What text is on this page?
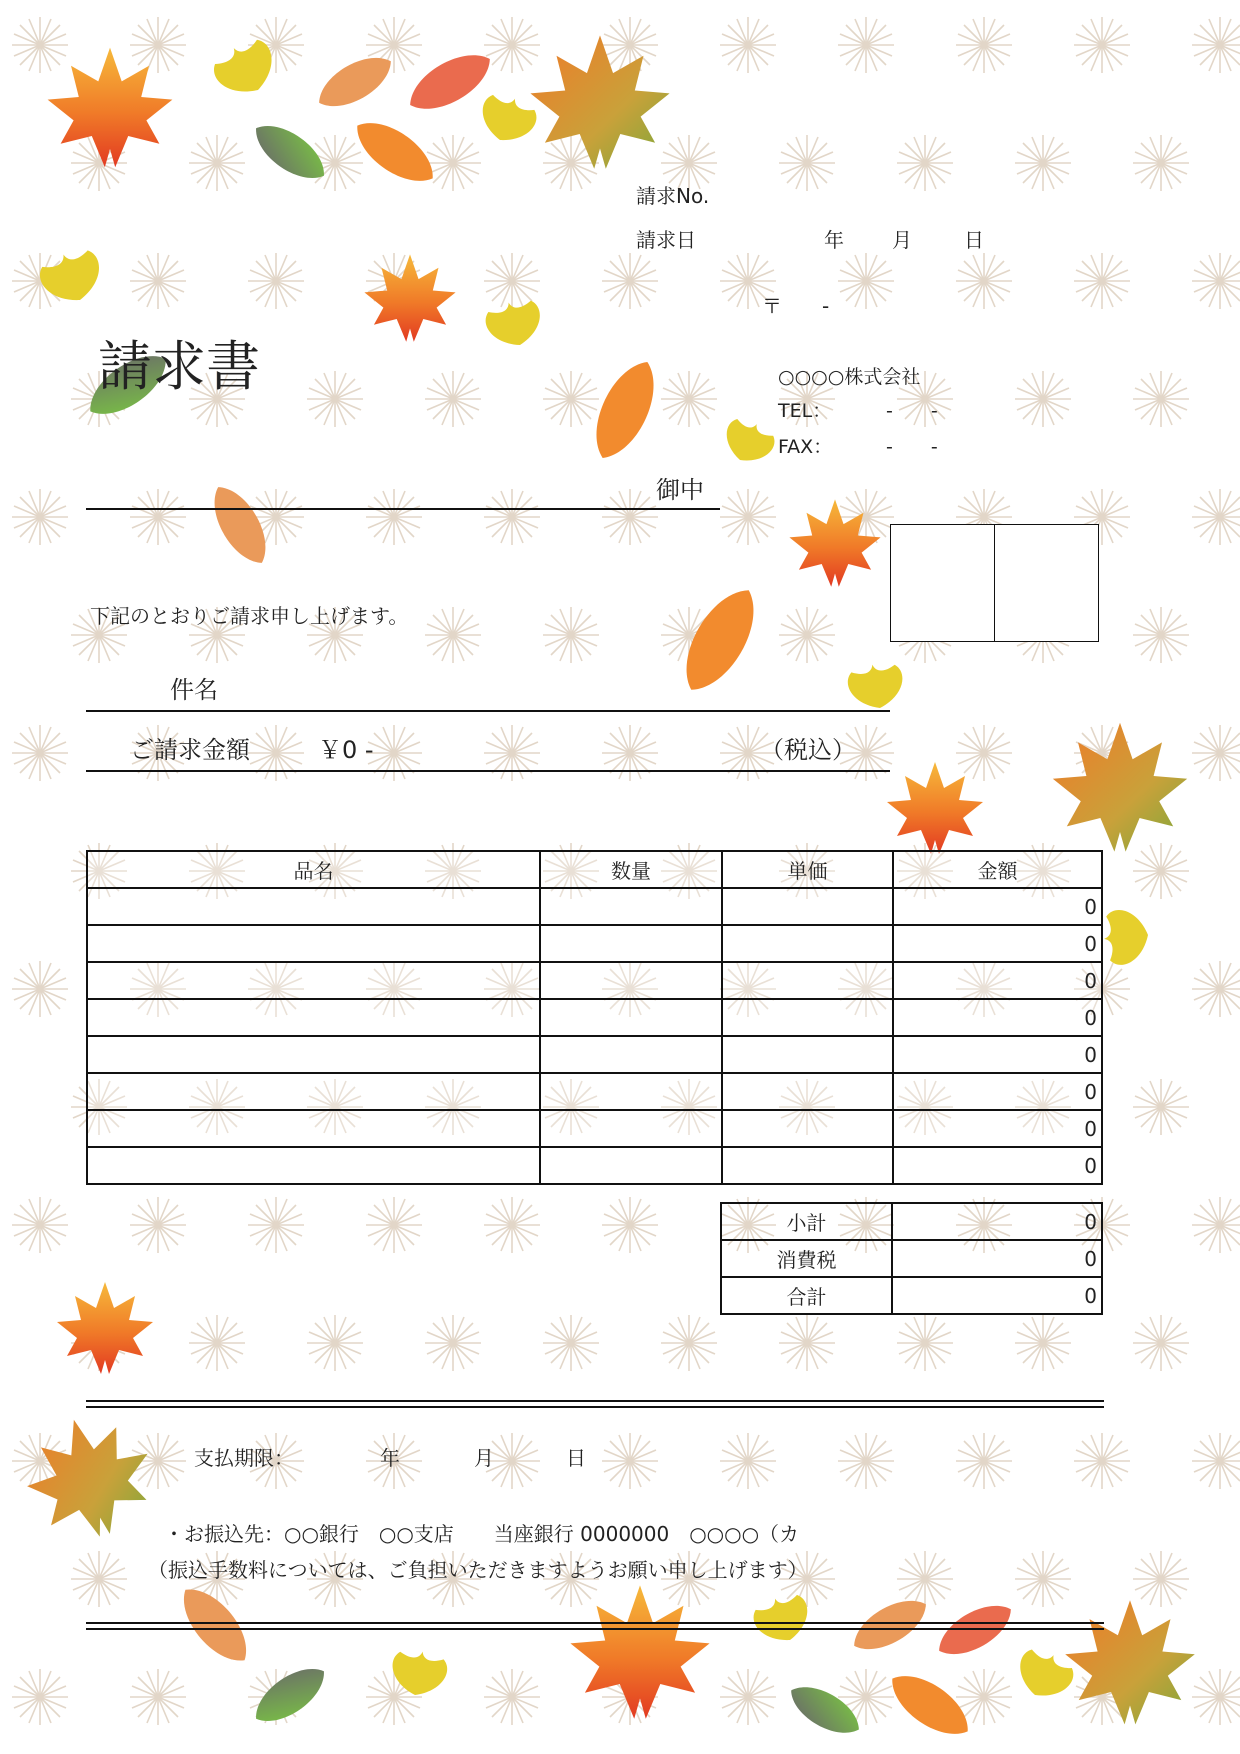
請求No.
請求日	年 月	日
請求書
〒　　-
○○○○株式会社
TEL：	-　　-
FAX：	-　　-
御中
下記のとおりご請求申し上げます。
件名
ご請求金額	￥0 -	（税込）
品名	数量	単価	金額
			0
			0
			0
			0
			0
			0
			0
			0
小計	0
消費税	0
合計	0
支払期限：	年	月	日
・お振込先：○○銀行　○○支店　　当座銀行 0000000　○○○○（カ
（振込手数料については、ご負担いただきますようお願い申し上げます）
